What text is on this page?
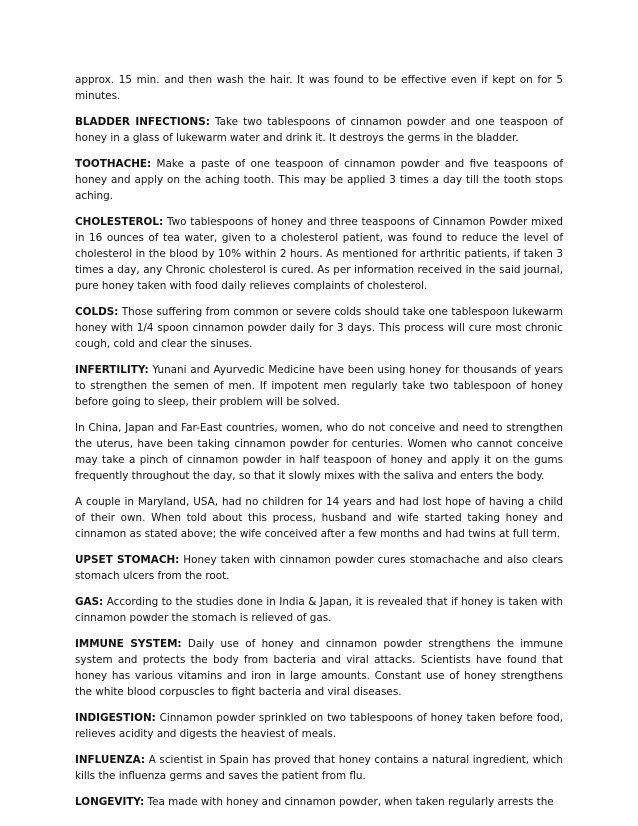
approx. 15 min. and then wash the hair. It was found to be effective even if kept on for 5 minutes.

BLADDER INFECTIONS: Take two tablespoons of cinnamon powder and one teaspoon of honey in a glass of lukewarm water and drink it. It destroys the germs in the bladder.

TOOTHACHE: Make a paste of one teaspoon of cinnamon powder and five teaspoons of honey and apply on the aching tooth. This may be applied 3 times a day till the tooth stops aching.

CHOLESTEROL: Two tablespoons of honey and three teaspoons of Cinnamon Powder mixed in 16 ounces of tea water, given to a cholesterol patient, was found to reduce the level of cholesterol in the blood by 10% within 2 hours. As mentioned for arthritic patients, if taken 3 times a day, any Chronic cholesterol is cured. As per information received in the said journal, pure honey taken with food daily relieves complaints of cholesterol.

COLDS: Those suffering from common or severe colds should take one tablespoon lukewarm honey with 1/4 spoon cinnamon powder daily for 3 days. This process will cure most chronic cough, cold and clear the sinuses.

INFERTILITY: Yunani and Ayurvedic Medicine have been using honey for thousands of years to strengthen the semen of men. If impotent men regularly take two tablespoon of honey before going to sleep, their problem will be solved.

In China, Japan and Far-East countries, women, who do not conceive and need to strengthen the uterus, have been taking cinnamon powder for centuries. Women who cannot conceive may take a pinch of cinnamon powder in half teaspoon of honey and apply it on the gums frequently throughout the day, so that it slowly mixes with the saliva and enters the body.

A couple in Maryland, USA, had no children for 14 years and had lost hope of having a child of their own. When told about this process, husband and wife started taking honey and cinnamon as stated above; the wife conceived after a few months and had twins at full term.

UPSET STOMACH: Honey taken with cinnamon powder cures stomachache and also clears stomach ulcers from the root.

GAS: According to the studies done in India & Japan, it is revealed that if honey is taken with cinnamon powder the stomach is relieved of gas.

IMMUNE SYSTEM: Daily use of honey and cinnamon powder strengthens the immune system and protects the body from bacteria and viral attacks. Scientists have found that honey has various vitamins and iron in large amounts. Constant use of honey strengthens the white blood corpuscles to fight bacteria and viral diseases.

INDIGESTION: Cinnamon powder sprinkled on two tablespoons of honey taken before food, relieves acidity and digests the heaviest of meals.

INFLUENZA: A scientist in Spain has proved that honey contains a natural ingredient, which kills the influenza germs and saves the patient from flu.

LONGEVITY: Tea made with honey and cinnamon powder, when taken regularly arrests the
